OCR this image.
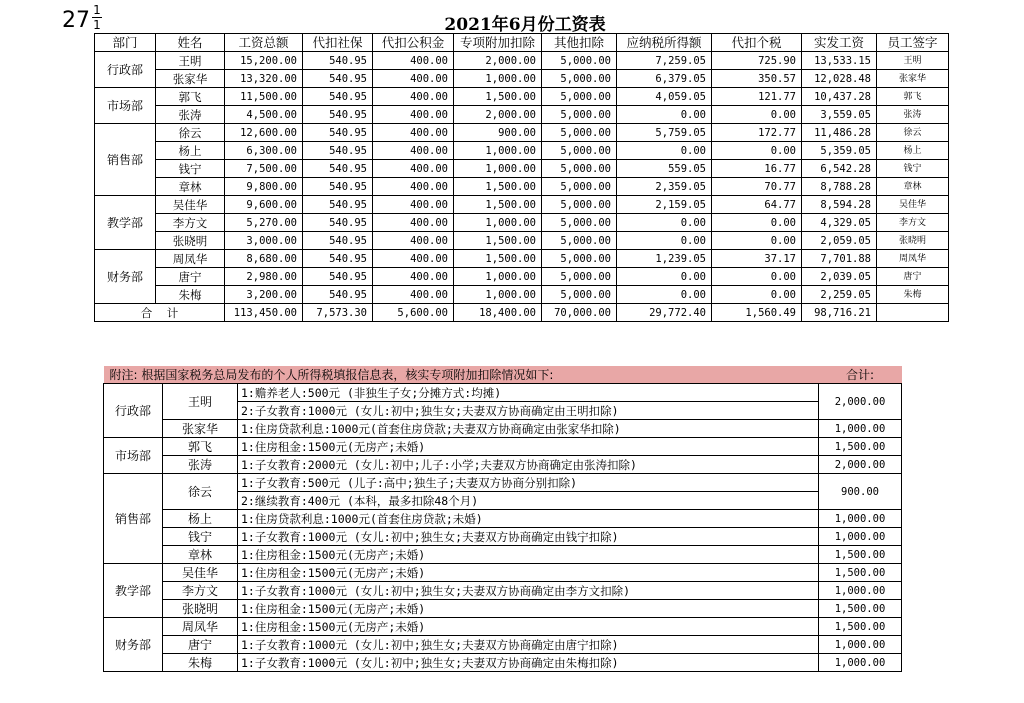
27 1
1	2021年6月份工资表
部门	姓名	工资总额	代扣社保	代扣公积金	专项附加扣除	其他扣除	应纳税所得额	代扣个税	实发工资	员工签字
行政部	王明	15,200.00	540.95	400.00	2,000.00	5,000.00	7,259.05	725.90	13,533.15	王明
	张家华	13,320.00	540.95	400.00	1,000.00	5,000.00	6,379.05	350.57	12,028.48	张家华
市场部	郭飞	11,500.00	540.95	400.00	1,500.00	5,000.00	4,059.05	121.77	10,437.28	郭飞
	张涛	4,500.00	540.95	400.00	2,000.00	5,000.00	0.00	0.00	3,559.05	张涛
销售部	徐云	12,600.00	540.95	400.00	900.00	5,000.00	5,759.05	172.77	11,486.28	徐云
	杨上	6,300.00	540.95	400.00	1,000.00	5,000.00	0.00	0.00	5,359.05	杨上
	钱宁	7,500.00	540.95	400.00	1,000.00	5,000.00	559.05	16.77	6,542.28	钱宁
	章林	9,800.00	540.95	400.00	1,500.00	5,000.00	2,359.05	70.77	8,788.28	章林
教学部	吴佳华	9,600.00	540.95	400.00	1,500.00	5,000.00	2,159.05	64.77	8,594.28	吴佳华
	李方文	5,270.00	540.95	400.00	1,000.00	5,000.00	0.00	0.00	4,329.05	李方文
	张晓明	3,000.00	540.95	400.00	1,500.00	5,000.00	0.00	0.00	2,059.05	张晓明
财务部	周凤华	8,680.00	540.95	400.00	1,500.00	5,000.00	1,239.05	37.17	7,701.88	周凤华
	唐宁	2,980.00	540.95	400.00	1,000.00	5,000.00	0.00	0.00	2,039.05	唐宁
	朱梅	3,200.00	540.95	400.00	1,000.00	5,000.00	0.00	0.00	2,259.05	朱梅
合    计		113,450.00	7,573.30	5,600.00	18,400.00	70,000.00	29,772.40	1,560.49	98,716.21	
附注: 根据国家税务总局发布的个人所得税填报信息表，核实专项附加扣除情况如下:			合计:
行政部	王明	1:赡养老人:500元 (非独生子女;分摊方式:均摊)	2,000.00
		2:子女教育:1000元 (女儿:初中;独生女;夫妻双方协商确定由王明扣除)	
	张家华	1:住房贷款利息:1000元(首套住房贷款;夫妻双方协商确定由张家华扣除)	1,000.00
市场部	郭飞	1:住房租金:1500元(无房产;未婚)	1,500.00
	张涛	1:子女教育:2000元 (女儿:初中;儿子:小学;夫妻双方协商确定由张涛扣除)	2,000.00
销售部	徐云	1:子女教育:500元 (儿子:高中;独生子;夫妻双方协商分别扣除)	900.00
		2:继续教育:400元 (本科，最多扣除48个月)	
	杨上	1:住房贷款利息:1000元(首套住房贷款;未婚)	1,000.00
	钱宁	1:子女教育:1000元 (女儿:初中;独生女;夫妻双方协商确定由钱宁扣除)	1,000.00
	章林	1:住房租金:1500元(无房产;未婚)	1,500.00
教学部	吴佳华	1:住房租金:1500元(无房产;未婚)	1,500.00
	李方文	1:子女教育:1000元 (女儿:初中;独生女;夫妻双方协商确定由李方文扣除)	1,000.00
	张晓明	1:住房租金:1500元(无房产;未婚)	1,500.00
财务部	周凤华	1:住房租金:1500元(无房产;未婚)	1,500.00
	唐宁	1:子女教育:1000元 (女儿:初中;独生女;夫妻双方协商确定由唐宁扣除)	1,000.00
	朱梅	1:子女教育:1000元 (女儿:初中;独生女;夫妻双方协商确定由朱梅扣除)	1,000.00
